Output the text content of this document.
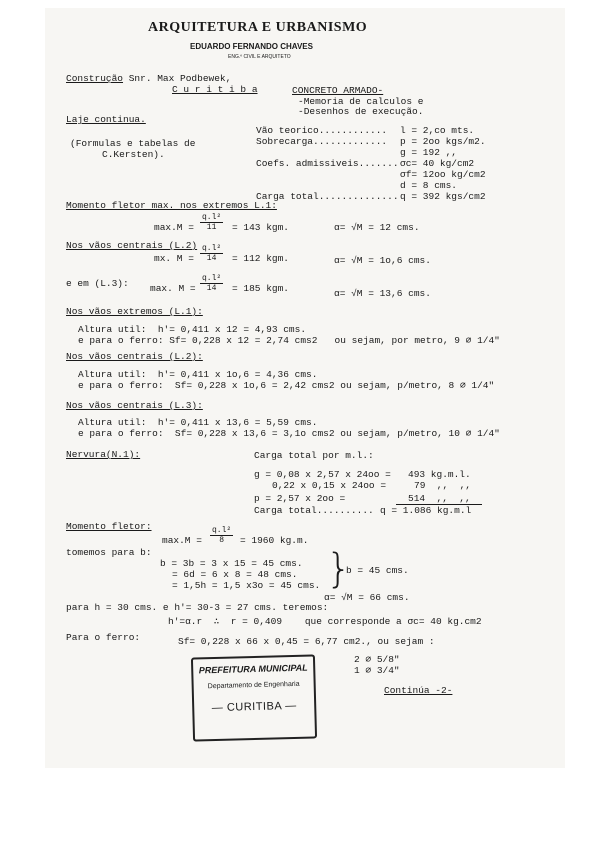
ARQUITETURA E URBANISMO
EDUARDO FERNANDO CHAVES
ENG.º CIVIL E ARQUITETO
Construção Snr. Max Podbewek,
C u r i t i b a	CONCRETO ARMADO-
-Memoria de calculos e
-Desenhos de execução.
Laje continua.
(Formulas e tabelas de
C.Kersten).
Vão teorico............ l = 2,co mts.
Sobrecarga............. p = 2oo kgs/m2.
g = 192 ,,
Coefs. admissiveis....... σc= 40 kg/cm2
σf= 12oo kg/cm2
d = 8 cms.
Carga total.............. q = 392 kgs/cm2
Momento fletor max. nos extremos L.1:
$\max.M = \frac{\text{q.l²}}{11} = 143$ kgm.	α= √M = 12 cms.
Nos vãos centrais (L.2)
mx. $M = \frac{\text{q.l²}}{14} = 112$ kgm.	α= √M = 1o,6 cms.
e em (L.3): max. $M = \frac{\text{q.l²}}{14} = 185$ kgm.	α= √M = 13,6 cms.
Nos vãos extremos (L.1):
Altura util:  h'= 0,411 x 12 = 4,93 cms.
e para o ferro: Sf= 0,228 x 12 = 2,74 cms2   ou sejam, por metro, 9 ∅ 1/4"
Nos vãos centrais (L.2):
Altura util:  h'= 0,411 x 1o,6 = 4,36 cms.
e para o ferro:  Sf= 0,228 x 1o,6 = 2,42 cms2 ou sejam, p/metro, 8 ∅ 1/4"
Nos vãos centrais (L.3):
Altura util:  h'= 0,411 x 13,6 = 5,59 cms.
e para o ferro:  Sf= 0,228 x 13,6 = 3,1o cms2 ou sejam, p/metro, 10 ∅ 1/4"
Nervura(N.1):	Carga total por m.l.:
g = 0,08 x 2,57 x 24oo = 493 kg.m.l.
0,22 x 0,15 x 24oo =	79  ,,  ,,
p = 2,57 x 2oo =	514  ,,  ,,
Carga total.......... q = 1.086 kg.m.l
Momento fletor:
$\max.M = \frac{\text{q.l²}}{8} = 1960$ kg.m.
tomemos para b:
b = 3b = 3 x 15 = 45 cms.
= 6d = 6 x 8 = 48 cms.
= 1,5h = 1,5 x3o = 45 cms. }
b = 45 cms.
α= √M = 66 cms.
para h = 30 cms. e h'= 30-3 = 27 cms. teremos:
h'=α.r  ∴  r = 0,409    que corresponde a σc= 40 kg.cm2
Para o ferro:	Sf= 0,228 x 66 x 0,45 = 6,77 cm2., ou sejam :
2 ∅ 5/8"
1 ∅ 3/4"
Continúa -2-
PREFEITURA MUNICIPAL
Departamento de Engenharia
— CURITIBA —
